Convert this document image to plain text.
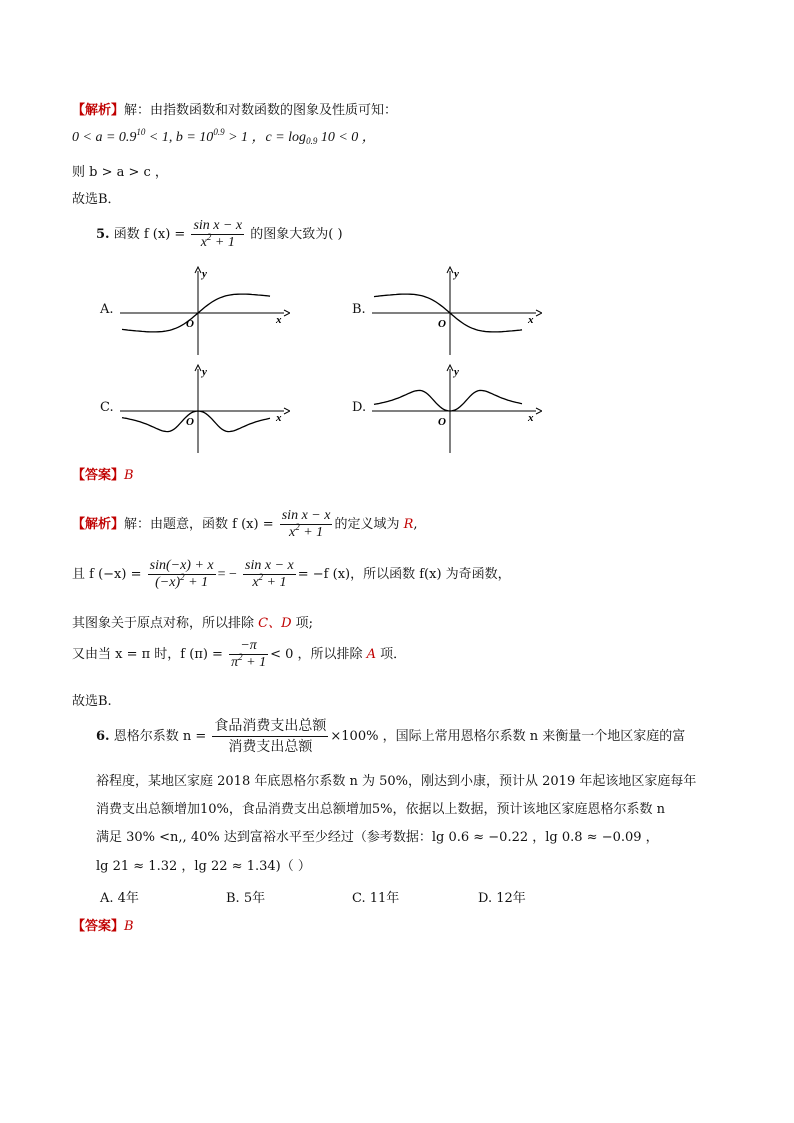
【解析】解：由指数函数和对数函数的图象及性质可知：
$0 < a = 0.9^{10} < 1$, $b = 10^{0.9} > 1$ ，$c = \log_{0.9} 10 < 0$ ，
则 b > a > c ，
故选B．
5. 函数 f $(x) = \frac{\text{sin x − x}}{x^2 + 1}$ 的图象大致为( )
A.
y
x
O
B.
y
x
O
C.
y
x
O
D.
y
x
O
【答案】B
【解析】解：由题意，函数 f $(x) = \frac{\text{sin x − x}}{x^2 + 1}$ 的定义域为 R,
且 f $(-x) = \frac{\sin(-x) + x}{(-x)^2 + 1}$ = − $\frac{\text{sin x − x}}{x^2 + 1} = -f$ (x)，所以函数 f(x) 为奇函数，
其图象关于原点对称，所以排除 C、D 项;
又由当 x = π 时，f $(\pi) = \frac{-\pi}{\pi^2 + 1} < 0$ ，所以排除 A 项．
故选B.
6. 恩格尔系数 $n = \frac{\text{食品消费支出总额}}{\text{消费支出总额}} \times 100\%$ ，国际上常用恩格尔系数 n 来衡量一个地区家庭的富
裕程度，某地区家庭 2018 年底恩格尔系数 n 为 50%，刚达到小康，预计从 2019 年起该地区家庭每年
消费支出总额增加10%，食品消费支出总额增加5%，依据以上数据，预计该地区家庭恩格尔系数 n
满足 30% <n,, 40% 达到富裕水平至少经过（参考数据：lg 0.6 ≈ −0.22 ，lg 0.8 ≈ −0.09 ，
lg 21 ≈ 1.32 ，lg 22 ≈ 1.34)（ ）
A. 4年	B. 5年	C. 11年	D. 12年
【答案】B
